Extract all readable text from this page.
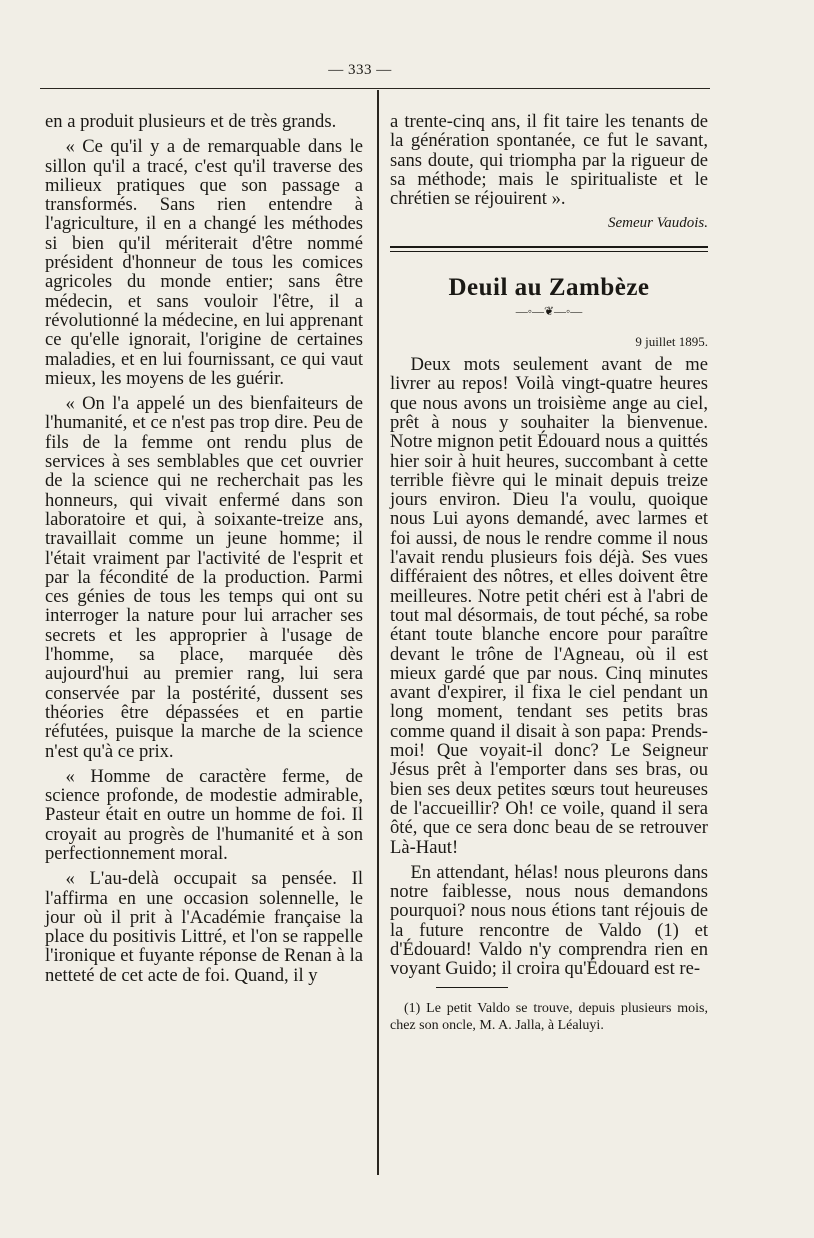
— 333 —

en a produit plusieurs et de très grands.

« Ce qu'il y a de remarquable dans le sillon qu'il a tracé, c'est qu'il traverse des milieux pratiques que son passage a transformés. Sans rien entendre à l'agriculture, il en a changé les méthodes si bien qu'il mériterait d'être nommé président d'honneur de tous les comices agricoles du monde entier; sans être médecin, et sans vouloir l'être, il a révolutionné la médecine, en lui apprenant ce qu'elle ignorait, l'origine de certaines maladies, et en lui fournissant, ce qui vaut mieux, les moyens de les guérir.

« On l'a appelé un des bienfaiteurs de l'humanité, et ce n'est pas trop dire. Peu de fils de la femme ont rendu plus de services à ses semblables que cet ouvrier de la science qui ne recherchait pas les honneurs, qui vivait enfermé dans son laboratoire et qui, à soixante-treize ans, travaillait comme un jeune homme; il l'était vraiment par l'activité de l'esprit et par la fécondité de la production. Parmi ces génies de tous les temps qui ont su interroger la nature pour lui arracher ses secrets et les approprier à l'usage de l'homme, sa place, marquée dès aujourd'hui au premier rang, lui sera conservée par la postérité, dussent ses théories être dépassées et en partie réfutées, puisque la marche de la science n'est qu'à ce prix.

« Homme de caractère ferme, de science profonde, de modestie admirable, Pasteur était en outre un homme de foi. Il croyait au progrès de l'humanité et à son perfectionnement moral.

« L'au-delà occupait sa pensée. Il l'affirma en une occasion solennelle, le jour où il prit à l'Académie française la place du positivis Littré, et l'on se rappelle l'ironique et fuyante réponse de Renan à la netteté de cet acte de foi. Quand, il y

a trente-cinq ans, il fit taire les tenants de la génération spontanée, ce fut le savant, sans doute, qui triompha par la rigueur de sa méthode; mais le spiritualiste et le chrétien se réjouirent ».

Semeur Vaudois.

Deuil au Zambèze
—◦—❦—◦—
9 juillet 1895.

Deux mots seulement avant de me livrer au repos! Voilà vingt-quatre heures que nous avons un troisième ange au ciel, prêt à nous y souhaiter la bienvenue. Notre mignon petit Édouard nous a quittés hier soir à huit heures, succombant à cette terrible fièvre qui le minait depuis treize jours environ. Dieu l'a voulu, quoique nous Lui ayons demandé, avec larmes et foi aussi, de nous le rendre comme il nous l'avait rendu plusieurs fois déjà. Ses vues différaient des nôtres, et elles doivent être meilleures. Notre petit chéri est à l'abri de tout mal désormais, de tout péché, sa robe étant toute blanche encore pour paraître devant le trône de l'Agneau, où il est mieux gardé que par nous. Cinq minutes avant d'expirer, il fixa le ciel pendant un long moment, tendant ses petits bras comme quand il disait à son papa: Prends-moi! Que voyait-il donc? Le Seigneur Jésus prêt à l'emporter dans ses bras, ou bien ses deux petites sœurs tout heureuses de l'accueillir? Oh! ce voile, quand il sera ôté, que ce sera donc beau de se retrouver Là-Haut!

En attendant, hélas! nous pleurons dans notre faiblesse, nous nous demandons pourquoi? nous nous étions tant réjouis de la future rencontre de Valdo (1) et d'Édouard! Valdo n'y comprendra rien en voyant Guido; il croira qu'Édouard est re-

(1) Le petit Valdo se trouve, depuis plusieurs mois, chez son oncle, M. A. Jalla, à Léaluyi.
